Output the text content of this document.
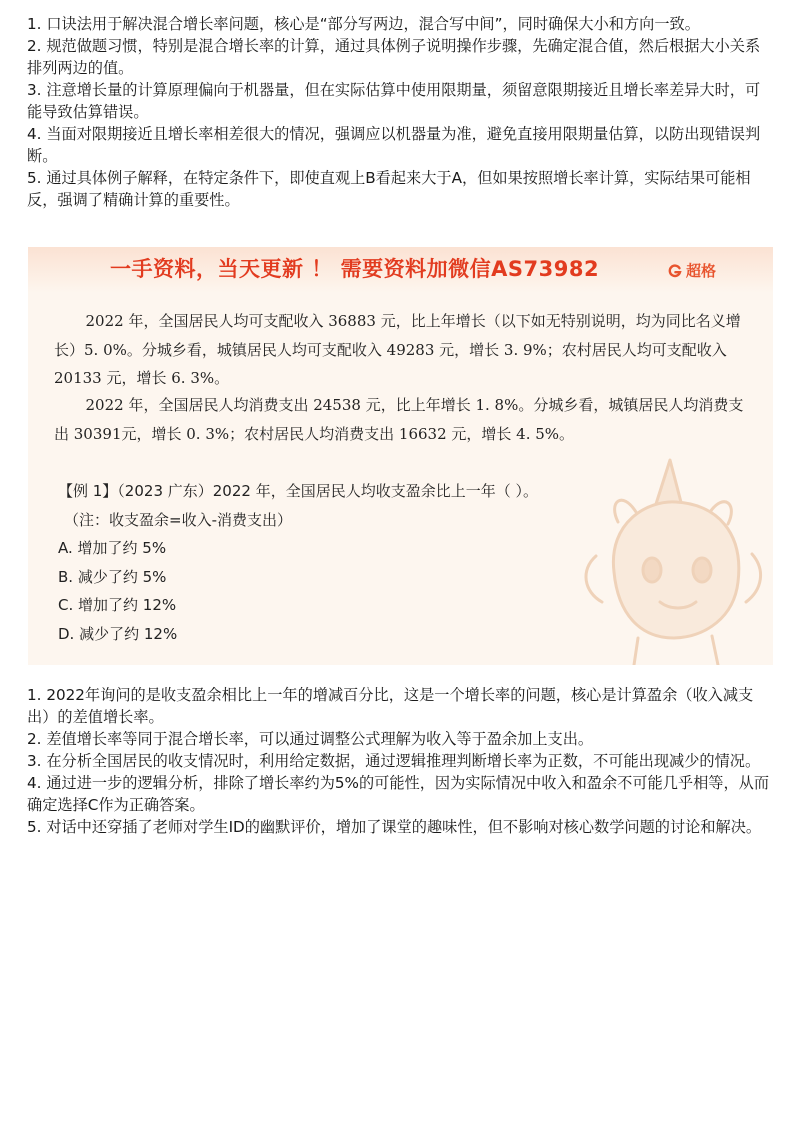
1. 口诀法用于解决混合增长率问题，核心是“部分写两边，混合写中间”，同时确保大小和方向一致。
2. 规范做题习惯，特别是混合增长率的计算，通过具体例子说明操作步骤，先确定混合值，然后根据大小关系排列两边的值。
3. 注意增长量的计算原理偏向于机器量，但在实际估算中使用限期量，须留意限期接近且增长率差异大时，可能导致估算错误。
4. 当面对限期接近且增长率相差很大的情况，强调应以机器量为准，避免直接用限期量估算，以防出现错误判断。
5. 通过具体例子解释，在特定条件下，即使直观上B看起来大于A，但如果按照增长率计算，实际结果可能相反，强调了精确计算的重要性。
一手资料，当天更新 ！ 需要资料加微信AS73982	超格

2022 年，全国居民人均可支配收入 36883 元，比上年增长（以下如无特别说明，均为同比名义增长）5. 0%。分城乡看，城镇居民人均可支配收入 49283 元，增长 3. 9%；农村居民人均可支配收入 20133 元，增长 6. 3%。

2022 年，全国居民人均消费支出 24538 元，比上年增长 1. 8%。分城乡看，城镇居民人均消费支出 30391元，增长 0. 3%；农村居民人均消费支出 16632 元，增长 4. 5%。

【例 1】（2023 广东）2022 年，全国居民人均收支盈余比上一年（ ）。
（注：收支盈余=收入-消费支出）
A. 增加了约 5%
B. 减少了约 5%
C. 增加了约 12%
D. 减少了约 12%
1. 2022年询问的是收支盈余相比上一年的增减百分比，这是一个增长率的问题，核心是计算盈余（收入减支出）的差值增长率。
2. 差值增长率等同于混合增长率，可以通过调整公式理解为收入等于盈余加上支出。
3. 在分析全国居民的收支情况时，利用给定数据，通过逻辑推理判断增长率为正数，不可能出现减少的情况。
4. 通过进一步的逻辑分析，排除了增长率约为5%的可能性，因为实际情况中收入和盈余不可能几乎相等，从而确定选择C作为正确答案。
5. 对话中还穿插了老师对学生ID的幽默评价，增加了课堂的趣味性，但不影响对核心数学问题的讨论和解决。
